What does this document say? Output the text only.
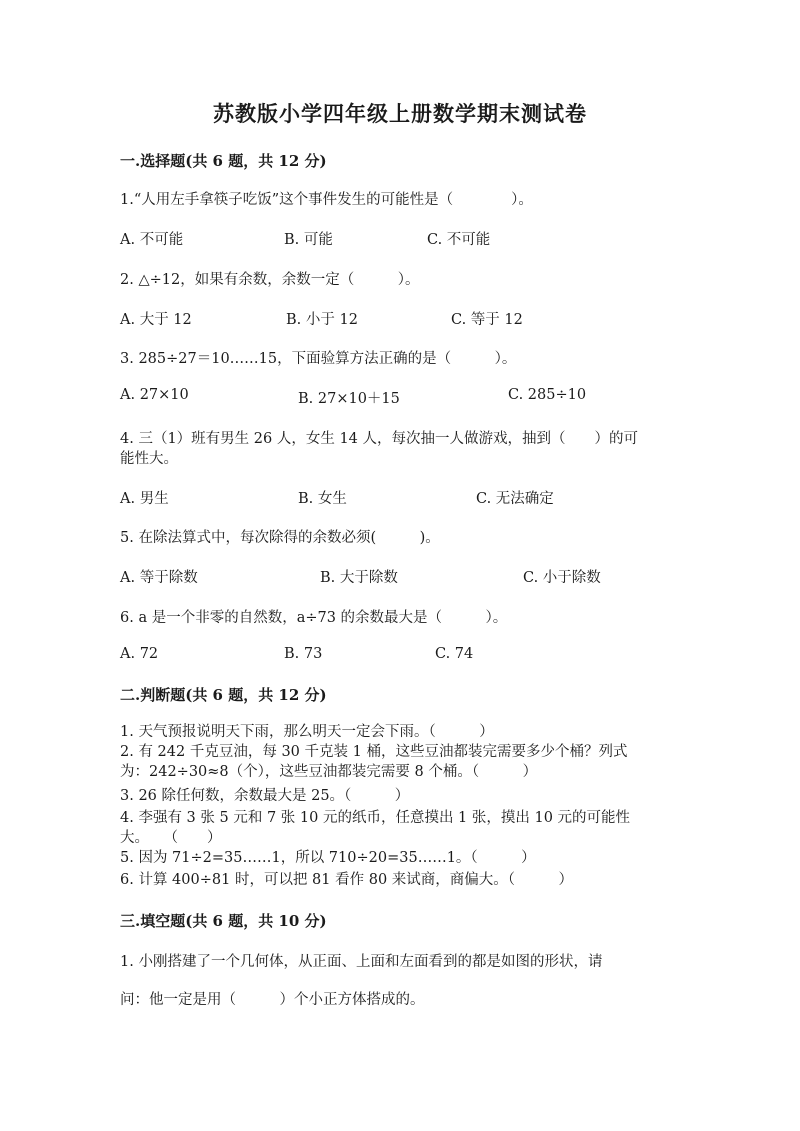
苏教版小学四年级上册数学期末测试卷
一.选择题(共 6 题，共 12 分)
1.“人用左手拿筷子吃饭”这个事件发生的可能性是（　　　　）。
A. 不可能	B. 可能	C. 不可能
2. △÷12，如果有余数，余数一定（　　　）。
A. 大于 12	B. 小于 12	C. 等于 12
3. 285÷27＝10……15，下面验算方法正确的是（　　　）。
A. 27×10	B. 27×10＋15	C. 285÷10
4. 三（1）班有男生 26 人，女生 14 人，每次抽一人做游戏，抽到（　　）的可
能性大。
A. 男生	B. 女生	C. 无法确定
5. 在除法算式中，每次除得的余数必须(　　　)。
A. 等于除数	B. 大于除数	C. 小于除数
6. a 是一个非零的自然数，a÷73 的余数最大是（　　　）。
A. 72	B. 73	C. 74
二.判断题(共 6 题，共 12 分)
1. 天气预报说明天下雨，那么明天一定会下雨。（　　　）
2. 有 242 千克豆油，每 30 千克装 1 桶，这些豆油都装完需要多少个桶？列式
为：242÷30≈8（个），这些豆油都装完需要 8 个桶。（　　　）
3. 26 除任何数，余数最大是 25。（　　　）
4. 李强有 3 张 5 元和 7 张 10 元的纸币，任意摸出 1 张，摸出 10 元的可能性
大。　　（　　）
5. 因为 71÷2=35……1，所以 710÷20=35……1。（　　　）
6. 计算 400÷81 时，可以把 81 看作 80 来试商，商偏大。（　　　）
三.填空题(共 6 题，共 10 分)
1. 小刚搭建了一个几何体，从正面、上面和左面看到的都是如图的形状，请
问：他一定是用（　　　）个小正方体搭成的。
